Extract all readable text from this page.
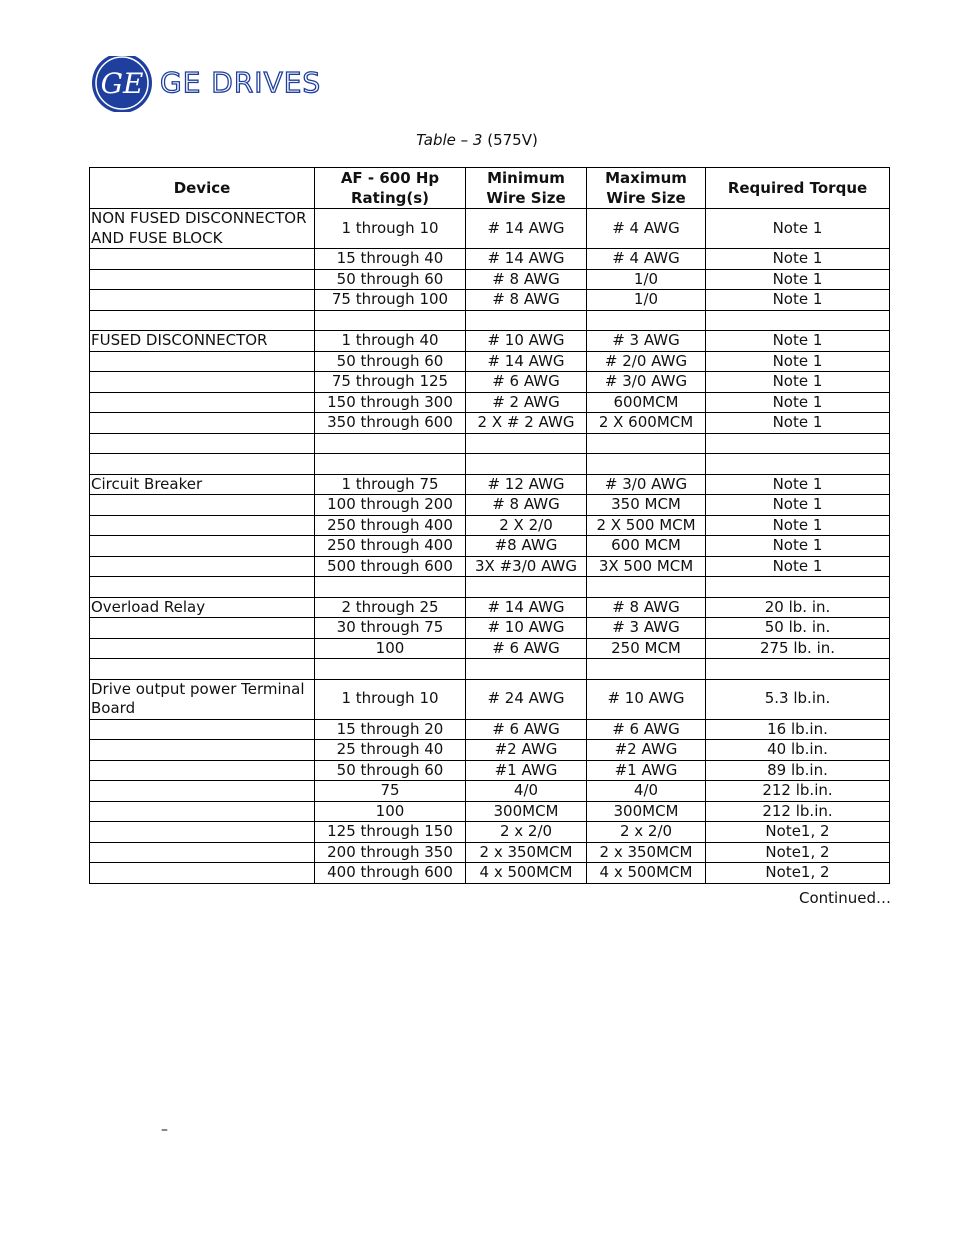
GE GE DRIVES
Table – 3 (575V)
Device	AF - 600 Hp Rating(s)	Minimum Wire Size	Maximum Wire Size	Required Torque
NON FUSED DISCONNECTOR AND FUSE BLOCK	1 through 10	# 14 AWG	# 4 AWG	Note 1
	15 through 40	# 14 AWG	# 4 AWG	Note 1
	50 through 60	# 8 AWG	1/0	Note 1
	75 through 100	# 8 AWG	1/0	Note 1

FUSED DISCONNECTOR	1 through 40	# 10 AWG	# 3 AWG	Note 1
	50 through 60	# 14 AWG	# 2/0 AWG	Note 1
	75 through 125	# 6 AWG	# 3/0 AWG	Note 1
	150 through 300	# 2 AWG	600MCM	Note 1
	350 through 600	2 X # 2 AWG	2 X 600MCM	Note 1

Circuit Breaker	1 through 75	# 12 AWG	# 3/0 AWG	Note 1
	100 through 200	# 8 AWG	350 MCM	Note 1
	250 through 400	2 X 2/0	2 X 500 MCM	Note 1
	250 through 400	#8 AWG	600 MCM	Note 1
	500 through 600	3X #3/0 AWG	3X 500 MCM	Note 1

Overload Relay	2 through 25	# 14 AWG	# 8 AWG	20 lb. in.
	30 through 75	# 10 AWG	# 3 AWG	50 lb. in.
	100	# 6 AWG	250 MCM	275 lb. in.

Drive output power Terminal Board	1 through 10	# 24 AWG	# 10 AWG	5.3 lb.in.
	15 through 20	# 6 AWG	# 6 AWG	16 lb.in.
	25 through 40	#2 AWG	#2 AWG	40 lb.in.
	50 through 60	#1 AWG	#1 AWG	89 lb.in.
	75	4/0	4/0	212 lb.in.
	100	300MCM	300MCM	212 lb.in.
	125 through 150	2 x 2/0	2 x 2/0	Note1, 2
	200 through 350	2 x 350MCM	2 x 350MCM	Note1, 2
	400 through 600	4 x 500MCM	4 x 500MCM	Note1, 2
Continued…
–
